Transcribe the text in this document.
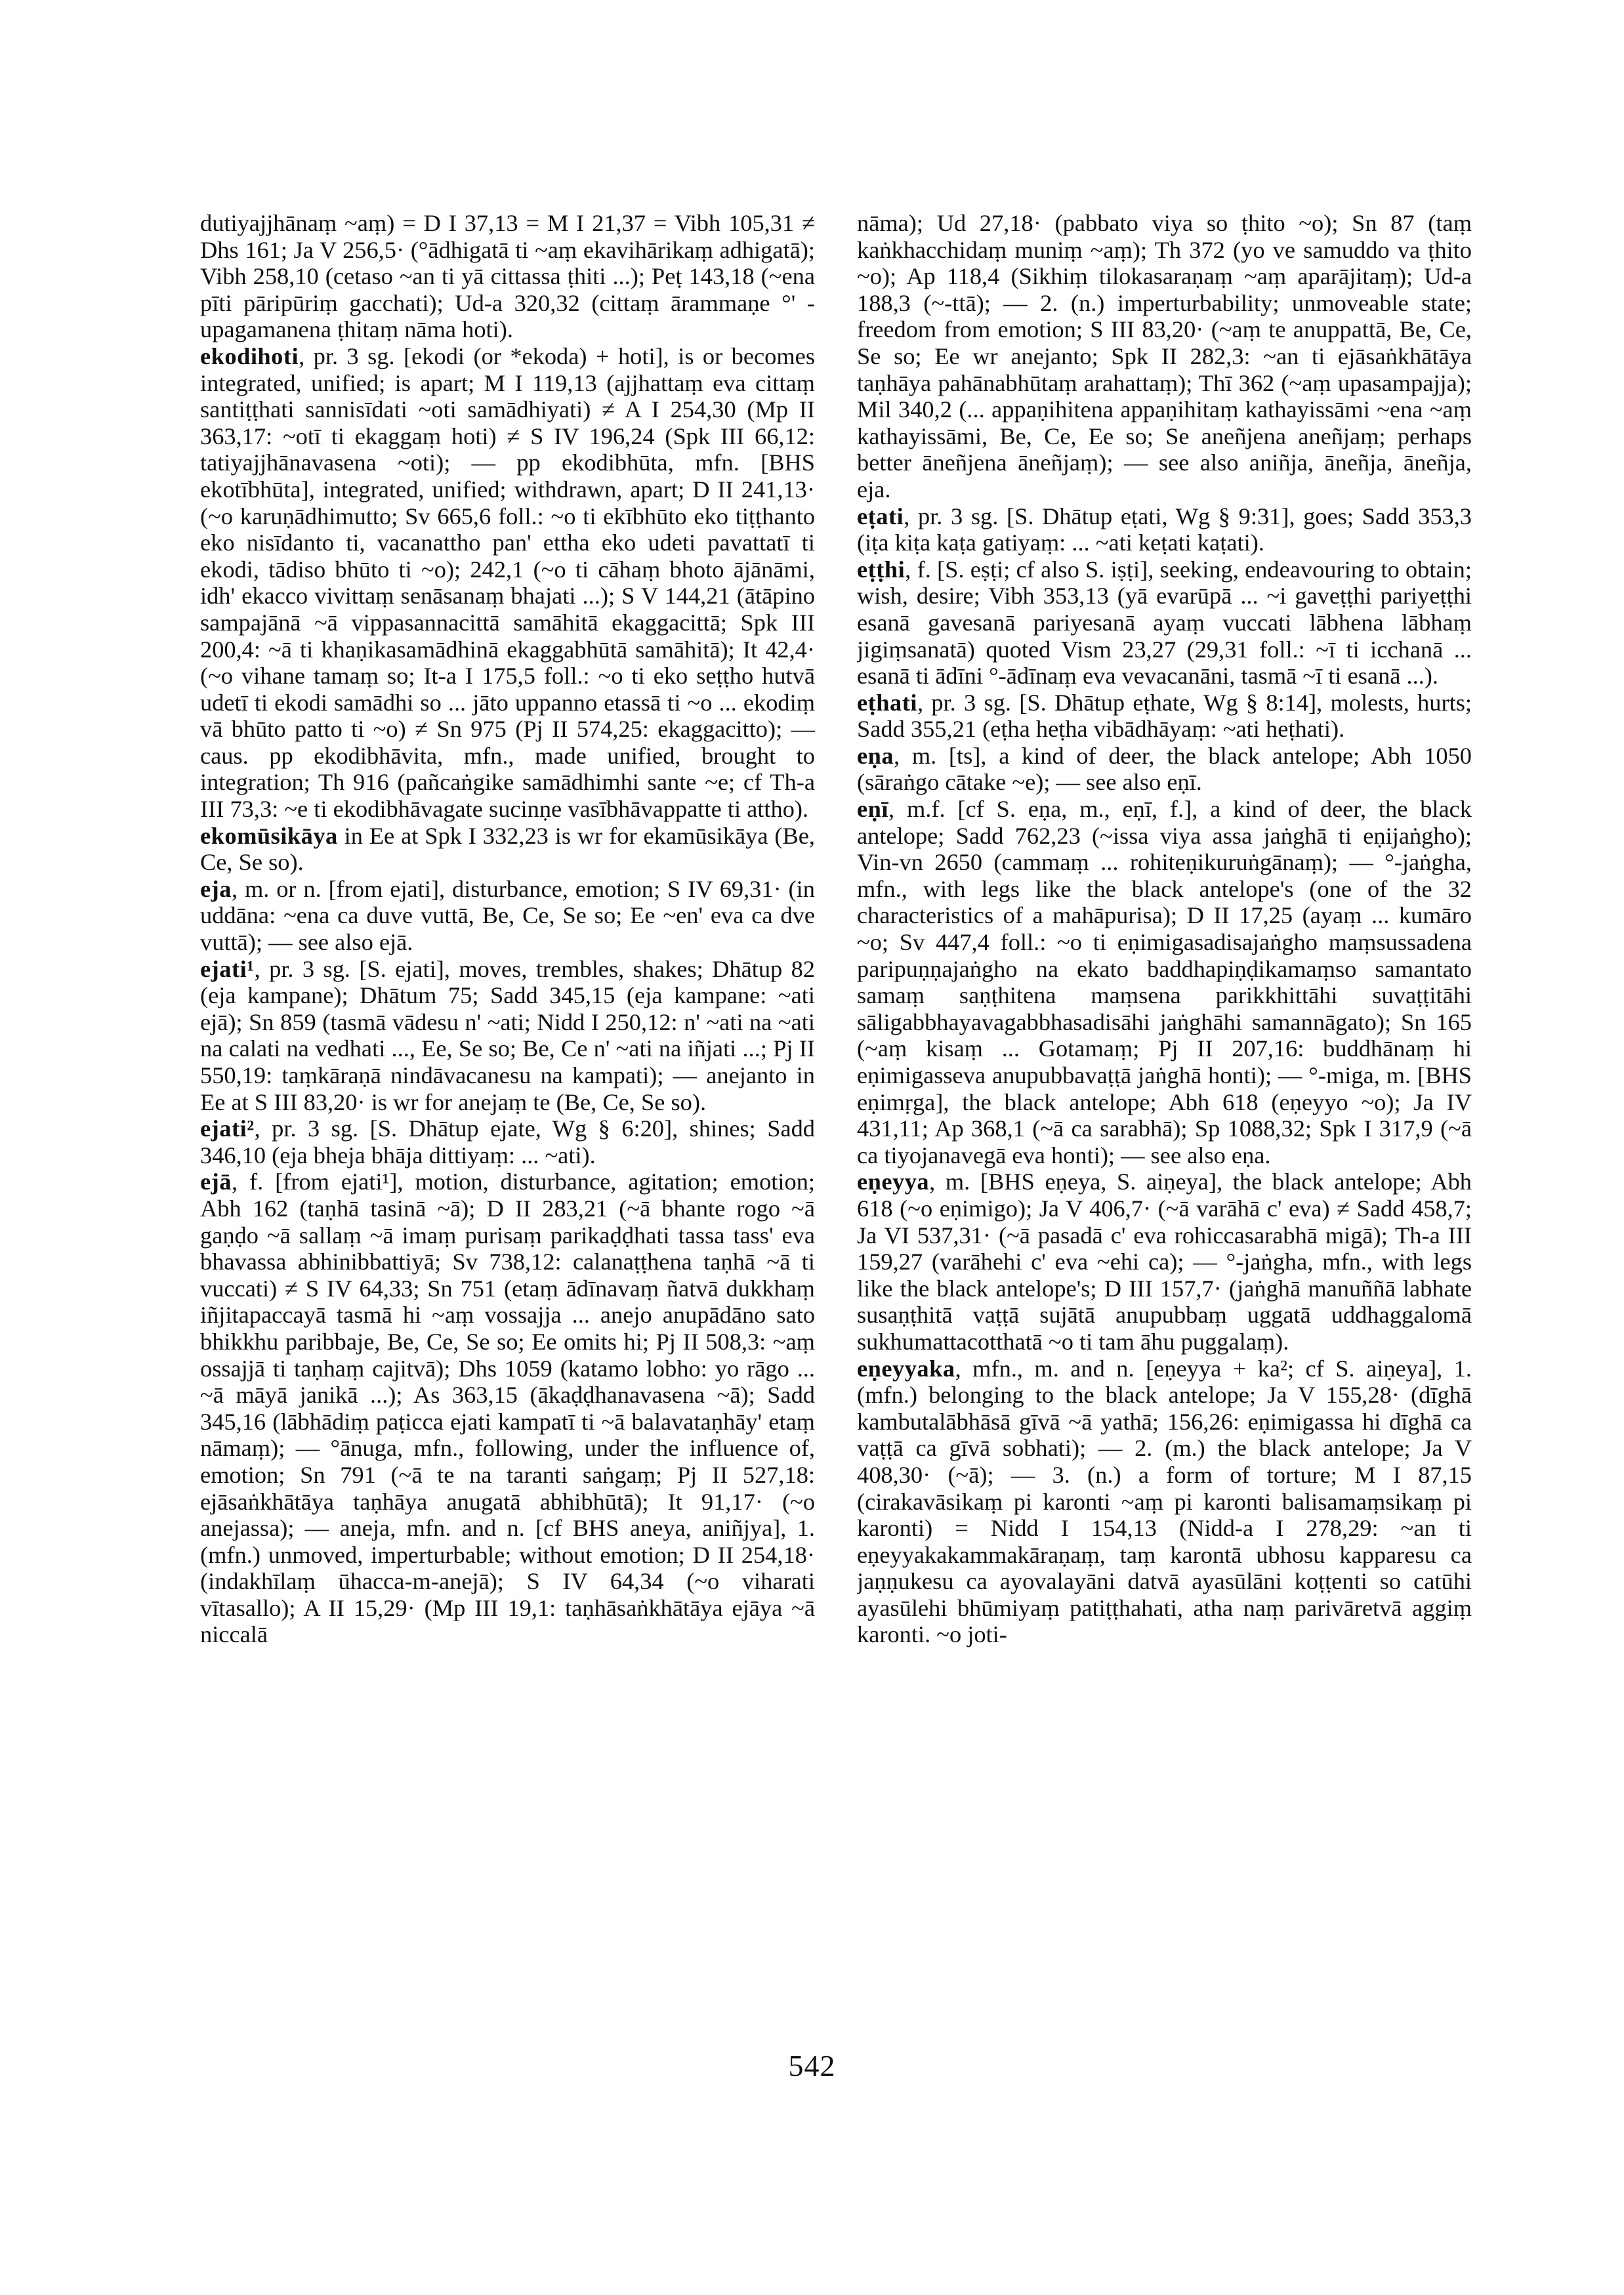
dutiyajjhānaṃ ~aṃ) = D I 37,13 = M I 21,37 = Vibh 105,31 ≠ Dhs 161; Ja V 256,5· (°ādhigatā ti ~aṃ ekavihārikaṃ adhigatā); Vibh 258,10 (cetaso ~an ti yā cittassa ṭhiti ...); Peṭ 143,18 (~ena pīti pāripūriṃ gacchati); Ud-a 320,32 (cittaṃ ārammaṇe °' -upagamanena ṭhitaṃ nāma hoti).

ekodihoti, pr. 3 sg. [ekodi (or *ekoda) + hoti], is or becomes integrated, unified; is apart; M I 119,13 (ajjhattaṃ eva cittaṃ santiṭṭhati sannisīdati ~oti samādhiyati) ≠ A I 254,30 (Mp II 363,17: ~otī ti ekaggaṃ hoti) ≠ S IV 196,24 (Spk III 66,12: tatiyajjhānavasena ~oti); — pp ekodibhūta, mfn. [BHS ekotībhūta], integrated, unified; withdrawn, apart; D II 241,13· (~o karuṇādhimutto; Sv 665,6 foll.: ~o ti ekībhūto eko tiṭṭhanto eko nisīdanto ti, vacanattho pan' ettha eko udeti pavattatī ti ekodi, tādiso bhūto ti ~o); 242,1 (~o ti cāhaṃ bhoto ājānāmi, idh' ekacco vivittaṃ senāsanaṃ bhajati ...); S V 144,21 (ātāpino sampajānā ~ā vippasannacittā samāhitā ekaggacittā; Spk III 200,4: ~ā ti khaṇikasamādhinā ekaggabhūtā samāhitā); It 42,4· (~o vihane tamaṃ so; It-a I 175,5 foll.: ~o ti eko seṭṭho hutvā udetī ti ekodi samādhi so ... jāto uppanno etassā ti ~o ... ekodiṃ vā bhūto patto ti ~o) ≠ Sn 975 (Pj II 574,25: ekaggacitto); — caus. pp ekodibhāvita, mfn., made unified, brought to integration; Th 916 (pañcaṅgike samādhimhi sante ~e; cf Th-a III 73,3: ~e ti ekodibhāvagate sucinṇe vasībhāvappatte ti attho).

ekomūsikāya in Ee at Spk I 332,23 is wr for ekamūsikāya (Be, Ce, Se so).

eja, m. or n. [from ejati], disturbance, emotion; S IV 69,31· (in uddāna: ~ena ca duve vuttā, Be, Ce, Se so; Ee ~en' eva ca dve vuttā); — see also ejā.

ejati¹, pr. 3 sg. [S. ejati], moves, trembles, shakes; Dhātup 82 (eja kampane); Dhātum 75; Sadd 345,15 (eja kampane: ~ati ejā); Sn 859 (tasmā vādesu n' ~ati; Nidd I 250,12: n' ~ati na ~ati na calati na vedhati ..., Ee, Se so; Be, Ce n' ~ati na iñjati ...; Pj II 550,19: taṃkāraṇā nindāvacanesu na kampati); — anejanto in Ee at S III 83,20· is wr for anejaṃ te (Be, Ce, Se so).

ejati², pr. 3 sg. [S. Dhātup ejate, Wg § 6:20], shines; Sadd 346,10 (eja bheja bhāja dittiyaṃ: ... ~ati).

ejā, f. [from ejati¹], motion, disturbance, agitation; emotion; Abh 162 (taṇhā tasinā ~ā); D II 283,21 (~ā bhante rogo ~ā gaṇḍo ~ā sallaṃ ~ā imaṃ purisaṃ parikaḍḍhati tassa tass' eva bhavassa abhinibbattiyā; Sv 738,12: calanaṭṭhena taṇhā ~ā ti vuccati) ≠ S IV 64,33; Sn 751 (etaṃ ādīnavaṃ ñatvā dukkhaṃ iñjitapaccayā tasmā hi ~aṃ vossajja ... anejo anupādāno sato bhikkhu paribbaje, Be, Ce, Se so; Ee omits hi; Pj II 508,3: ~aṃ ossajjā ti taṇhaṃ cajitvā); Dhs 1059 (katamo lobho: yo rāgo ... ~ā māyā janikā ...); As 363,15 (ākaḍḍhanavasena ~ā); Sadd 345,16 (lābhādiṃ paṭicca ejati kampatī ti ~ā balavataṇhāy' etaṃ nāmaṃ); — °ānuga, mfn., following, under the influence of, emotion; Sn 791 (~ā te na taranti saṅgaṃ; Pj II 527,18: ejāsaṅkhātāya taṇhāya anugatā abhibhūtā); It 91,17· (~o anejassa); — aneja, mfn. and n. [cf BHS aneya, aniñjya], 1. (mfn.) unmoved, imperturbable; without emotion; D II 254,18· (indakhīlaṃ ūhacca-m-anejā); S IV 64,34 (~o viharati vītasallo); A II 15,29· (Mp III 19,1: taṇhāsaṅkhātāya ejāya ~ā niccalā

nāma); Ud 27,18· (pabbato viya so ṭhito ~o); Sn 87 (taṃ kaṅkhacchidaṃ muniṃ ~aṃ); Th 372 (yo ve samuddo va ṭhito ~o); Ap 118,4 (Sikhiṃ tilokasaraṇaṃ ~aṃ aparājitaṃ); Ud-a 188,3 (~-ttā); — 2. (n.) imperturbability; unmoveable state; freedom from emotion; S III 83,20· (~aṃ te anuppattā, Be, Ce, Se so; Ee wr anejanto; Spk II 282,3: ~an ti ejāsaṅkhātāya taṇhāya pahānabhūtaṃ arahattaṃ); Thī 362 (~aṃ upasampajja); Mil 340,2 (... appaṇihitena appaṇihitaṃ kathayissāmi ~ena ~aṃ kathayissāmi, Be, Ce, Ee so; Se aneñjena aneñjaṃ; perhaps better āneñjena āneñjaṃ); — see also aniñja, āneñja, āneñja, eja.

eṭati, pr. 3 sg. [S. Dhātup eṭati, Wg § 9:31], goes; Sadd 353,3 (iṭa kiṭa kaṭa gatiyaṃ: ... ~ati keṭati kaṭati).

eṭṭhi, f. [S. eṣṭi; cf also S. iṣṭi], seeking, endeavouring to obtain; wish, desire; Vibh 353,13 (yā evarūpā ... ~i gaveṭṭhi pariyeṭṭhi esanā gavesanā pariyesanā ayaṃ vuccati lābhena lābhaṃ jigiṃsanatā) quoted Vism 23,27 (29,31 foll.: ~ī ti icchanā ... esanā ti ādīni °-ādīnaṃ eva vevacanāni, tasmā ~ī ti esanā ...).

eṭhati, pr. 3 sg. [S. Dhātup eṭhate, Wg § 8:14], molests, hurts; Sadd 355,21 (eṭha heṭha vibādhāyaṃ: ~ati heṭhati).

eṇa, m. [ts], a kind of deer, the black antelope; Abh 1050 (sāraṅgo cātake ~e); — see also eṇī.

eṇī, m.f. [cf S. eṇa, m., eṇī, f.], a kind of deer, the black antelope; Sadd 762,23 (~issa viya assa jaṅghā ti eṇijaṅgho); Vin-vn 2650 (cammaṃ ... rohiteṇikuruṅgānaṃ); — °-jaṅgha, mfn., with legs like the black antelope's (one of the 32 characteristics of a mahāpurisa); D II 17,25 (ayaṃ ... kumāro ~o; Sv 447,4 foll.: ~o ti eṇimigasadisajaṅgho maṃsussadena paripuṇṇajaṅgho na ekato baddhapiṇḍikamaṃso samantato samaṃ saṇṭhitena maṃsena parikkhittāhi suvaṭṭitāhi sāligabbhayavagabbhasadisāhi jaṅghāhi samannāgato); Sn 165 (~aṃ kisaṃ ... Gotamaṃ; Pj II 207,16: buddhānaṃ hi eṇimigasseva anupubbavaṭṭā jaṅghā honti); — °-miga, m. [BHS eṇimṛga], the black antelope; Abh 618 (eṇeyyo ~o); Ja IV 431,11; Ap 368,1 (~ā ca sarabhā); Sp 1088,32; Spk I 317,9 (~ā ca tiyojanavegā eva honti); — see also eṇa.

eṇeyya, m. [BHS eṇeya, S. aiṇeya], the black antelope; Abh 618 (~o eṇimigo); Ja V 406,7· (~ā varāhā c' eva) ≠ Sadd 458,7; Ja VI 537,31· (~ā pasadā c' eva rohiccasarabhā migā); Th-a III 159,27 (varāhehi c' eva ~ehi ca); — °-jaṅgha, mfn., with legs like the black antelope's; D III 157,7· (jaṅghā manuññā labhate susaṇṭhitā vaṭṭā sujātā anupubbaṃ uggatā uddhaggalomā sukhumattacotthatā ~o ti tam āhu puggalaṃ).

eṇeyyaka, mfn., m. and n. [eṇeyya + ka²; cf S. aiṇeya], 1. (mfn.) belonging to the black antelope; Ja V 155,28· (dīghā kambutalābhāsā gīvā ~ā yathā; 156,26: eṇimigassa hi dīghā ca vaṭṭā ca gīvā sobhati); — 2. (m.) the black antelope; Ja V 408,30· (~ā); — 3. (n.) a form of torture; M I 87,15 (cirakavāsikaṃ pi karonti ~aṃ pi karonti balisamaṃsikaṃ pi karonti) = Nidd I 154,13 (Nidd-a I 278,29: ~an ti eṇeyyakakammakāraṇaṃ, taṃ karontā ubhosu kapparesu ca jaṇṇukesu ca ayovalayāni datvā ayasūlāni koṭṭenti so catūhi ayasūlehi bhūmiyaṃ patiṭṭhahati, atha naṃ parivāretvā aggiṃ karonti. ~o joti-

542
